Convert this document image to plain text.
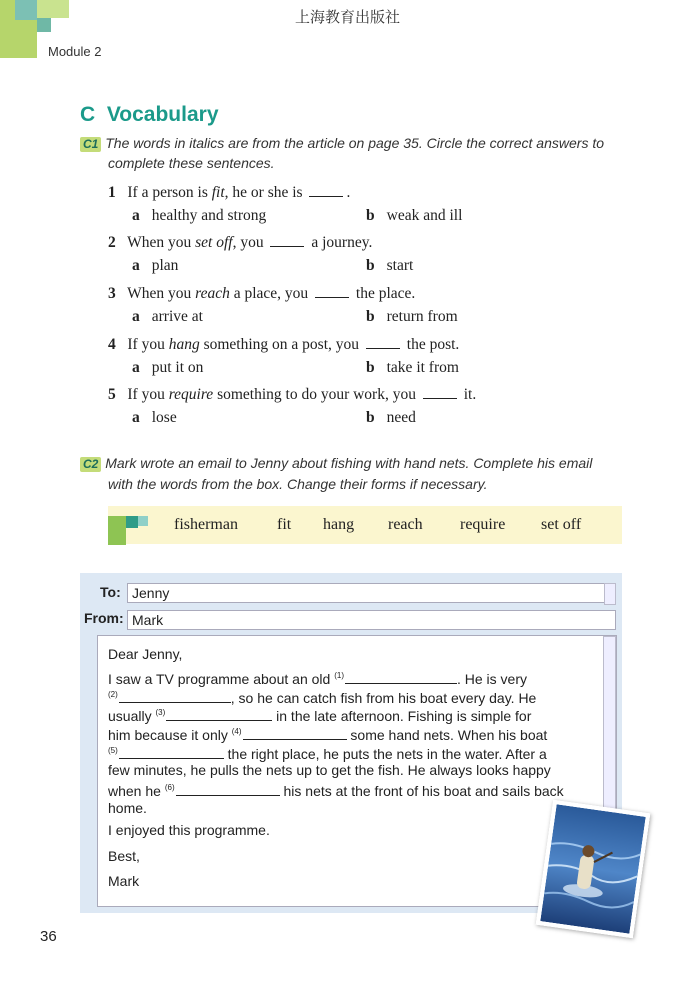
上海教育出版社
Module 2
C Vocabulary
C1 The words in italics are from the article on page 35. Circle the correct answers to
complete these sentences.
1 If a person is fit, he or she is	.
a healthy and strong	b weak and ill
2 When you set off, you	a journey.
a plan	b start
3 When you reach a place, you	the place.
a arrive at	b return from
4 If you hang something on a post, you	the post.
a put it on	b take it from
5 If you require something to do your work, you	it.
a lose	b need
C2 Mark wrote an email to Jenny about fishing with hand nets. Complete his email
with the words from the box. Change their forms if necessary.
fisherman fit hang reach require set off
To: Jenny
From: Mark
Dear Jenny,
I saw a TV programme about an old $^{(1)}$	. He is very
$^{(2)}$	, so he can catch fish from his boat every day. He
usually $^{(3)}$	in the late afternoon. Fishing is simple for
him because it only $^{(4)}$	some hand nets. When his boat
$^{(5)}$	the right place, he puts the nets in the water. After a
few minutes, he pulls the nets up to get the fish. He always looks happy
when he $^{(6)}$	his nets at the front of his boat and sails back
home.
I enjoyed this programme.
Best,
Mark
36
